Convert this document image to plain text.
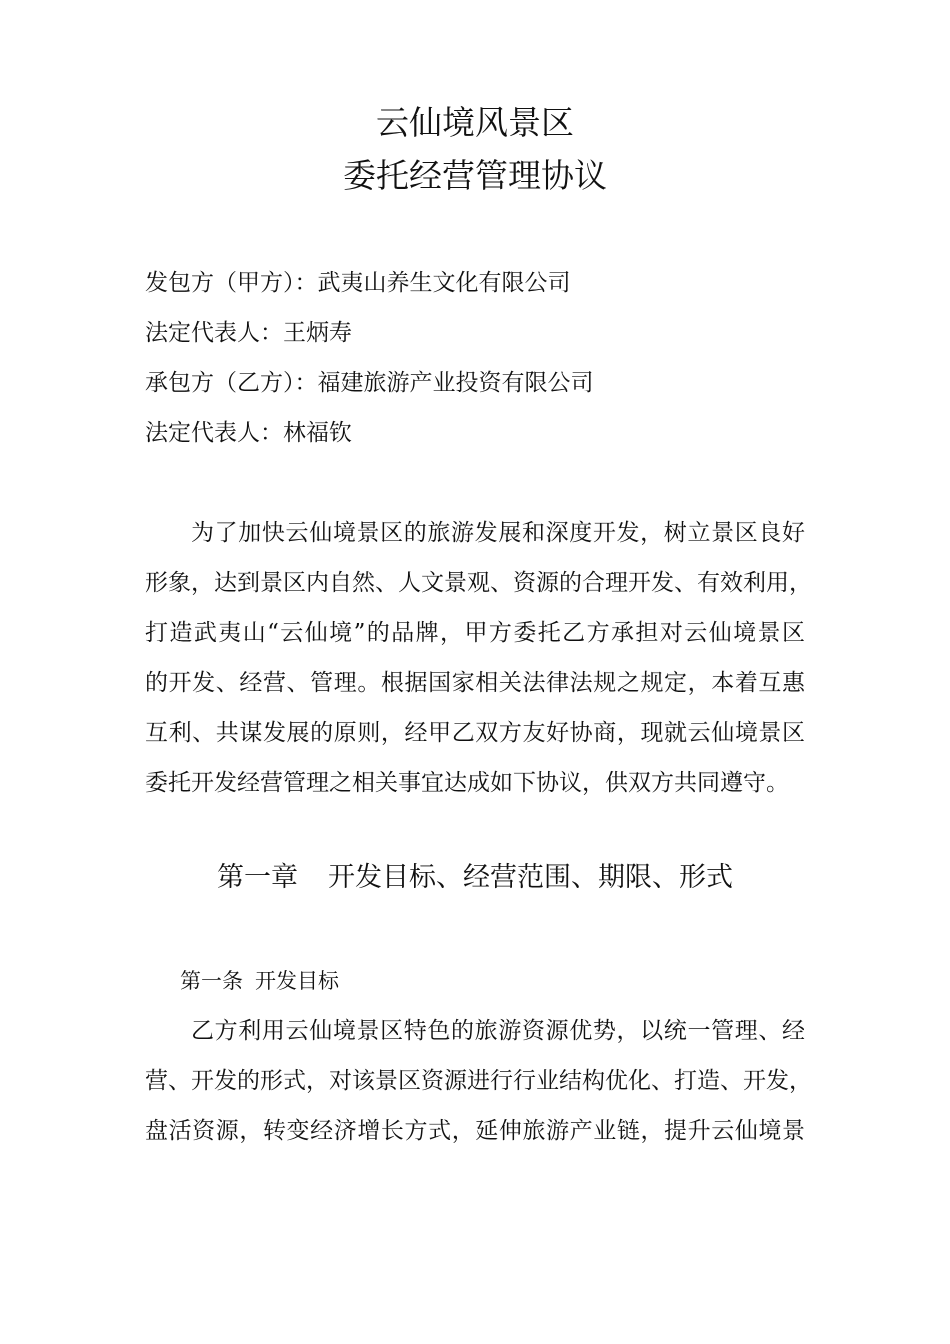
云仙境风景区
委托经营管理协议
发包方（甲方）：武夷山养生文化有限公司
法定代表人：王炳寿
承包方（乙方）：福建旅游产业投资有限公司
法定代表人：林福钦
为了加快云仙境景区的旅游发展和深度开发，树立景区良好
形象，达到景区内自然、人文景观、资源的合理开发、有效利用，
打造武夷山“云仙境”的品牌，甲方委托乙方承担对云仙境景区
的开发、经营、管理。根据国家相关法律法规之规定，本着互惠
互利、共谋发展的原则，经甲乙双方友好协商，现就云仙境景区
委托开发经营管理之相关事宜达成如下协议，供双方共同遵守。
第一章 开发目标、经营范围、期限、形式
第一条 开发目标
乙方利用云仙境景区特色的旅游资源优势，以统一管理、经
营、开发的形式，对该景区资源进行行业结构优化、打造、开发，
盘活资源，转变经济增长方式，延伸旅游产业链，提升云仙境景
